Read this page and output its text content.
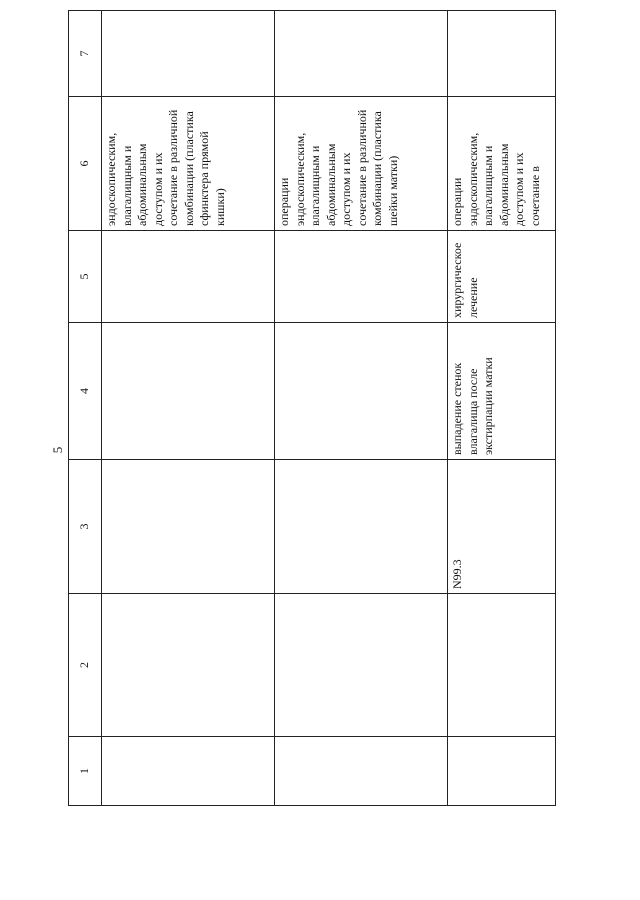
5
1	2	3	4	5	6	7
					эндоскопическим, влагалищным и абдоминальным доступом и их сочетание в различной комбинации (пластика сфинктера прямой кишки)	
					операции эндоскопическим, влагалищным и абдоминальным доступом и их сочетание в различной комбинации (пластика шейки матки)	
		N99.3	выпадение стенок влагалища после экстирпации матки	хирургическое лечение	операции эндоскопическим, влагалищным и абдоминальным доступом и их сочетание в	
